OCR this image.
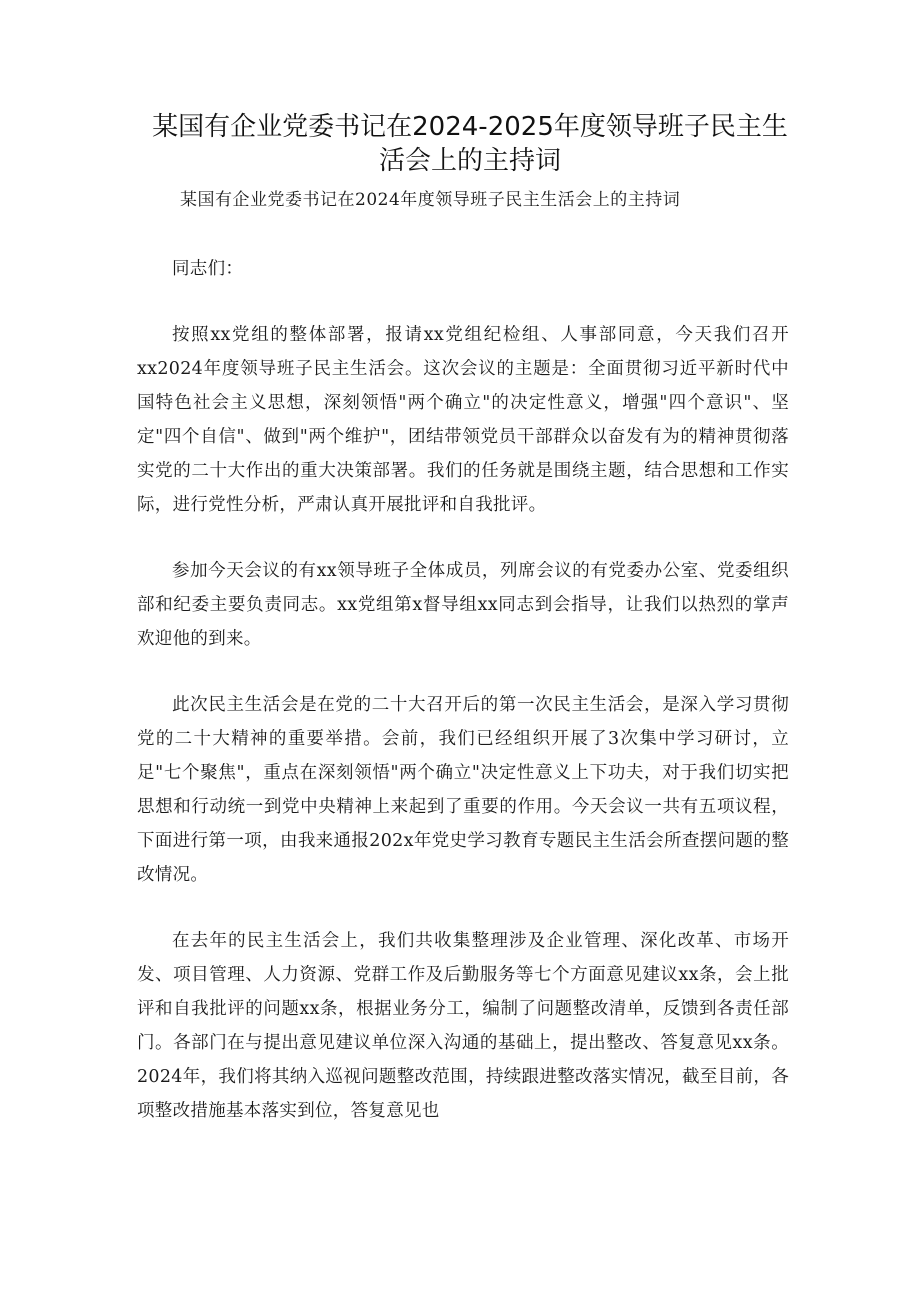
某国有企业党委书记在2024-2025年度领导班子民主生活会上的主持词

某国有企业党委书记在2024年度领导班子民主生活会上的主持词

同志们：

按照xx党组的整体部署，报请xx党组纪检组、人事部同意，今天我们召开xx2024年度领导班子民主生活会。这次会议的主题是：全面贯彻习近平新时代中国特色社会主义思想，深刻领悟"两个确立"的决定性意义，增强"四个意识"、坚定"四个自信"、做到"两个维护"，团结带领党员干部群众以奋发有为的精神贯彻落实党的二十大作出的重大决策部署。我们的任务就是围绕主题，结合思想和工作实际，进行党性分析，严肃认真开展批评和自我批评。

参加今天会议的有xx领导班子全体成员，列席会议的有党委办公室、党委组织部和纪委主要负责同志。xx党组第x督导组xx同志到会指导，让我们以热烈的掌声欢迎他的到来。

此次民主生活会是在党的二十大召开后的第一次民主生活会，是深入学习贯彻党的二十大精神的重要举措。会前，我们已经组织开展了3次集中学习研讨，立足"七个聚焦"，重点在深刻领悟"两个确立"决定性意义上下功夫，对于我们切实把思想和行动统一到党中央精神上来起到了重要的作用。今天会议一共有五项议程，下面进行第一项，由我来通报202x年党史学习教育专题民主生活会所查摆问题的整改情况。

在去年的民主生活会上，我们共收集整理涉及企业管理、深化改革、市场开发、项目管理、人力资源、党群工作及后勤服务等七个方面意见建议xx条，会上批评和自我批评的问题xx条，根据业务分工，编制了问题整改清单，反馈到各责任部门。各部门在与提出意见建议单位深入沟通的基础上，提出整改、答复意见xx条。2024年，我们将其纳入巡视问题整改范围，持续跟进整改落实情况，截至目前，各项整改措施基本落实到位，答复意见也
